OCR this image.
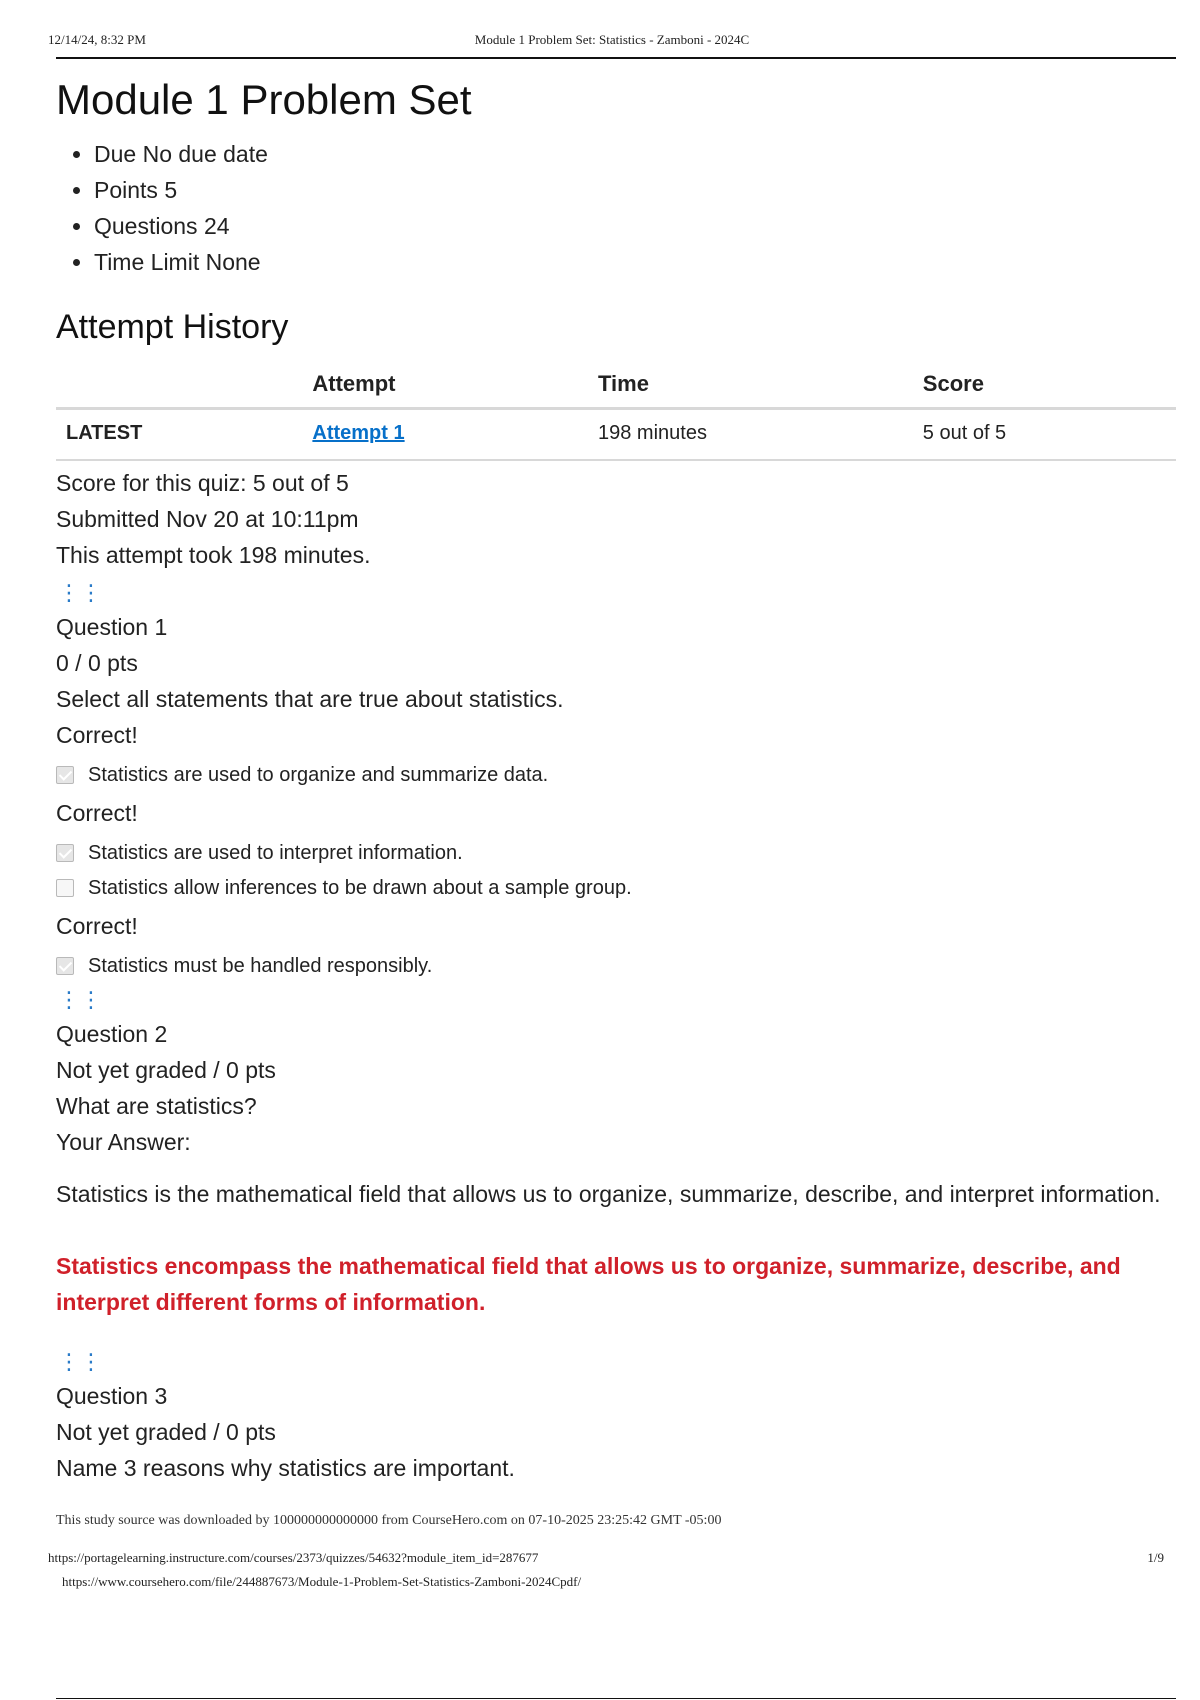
12/14/24, 8:32 PM	Module 1 Problem Set: Statistics - Zamboni - 2024C
Module 1 Problem Set
• Due No due date
• Points 5
• Questions 24
• Time Limit None
Attempt History
	Attempt	Time	Score
LATEST	Attempt 1	198 minutes	5 out of 5

Score for this quiz: 5 out of 5

Submitted Nov 20 at 10:11pm

This attempt took 198 minutes.

⋮⋮

Question 1

0 / 0 pts

Select all statements that are true about statistics.

Correct!

Statistics are used to organize and summarize data.

Correct!

Statistics are used to interpret information.
Statistics allow inferences to be drawn about a sample group.

Correct!

Statistics must be handled responsibly.
⋮⋮

Question 2

Not yet graded / 0 pts

What are statistics?

Your Answer:

Statistics is the mathematical field that allows us to organize, summarize, describe, and interpret information.

Statistics encompass the mathematical field that allows us to organize, summarize, describe, and interpret different forms of information.

⋮⋮

Question 3

Not yet graded / 0 pts

Name 3 reasons why statistics are important.

This study source was downloaded by 100000000000000 from CourseHero.com on 07-10-2025 23:25:42 GMT -05:00
https://portagelearning.instructure.com/courses/2373/quizzes/54632?module_item_id=287677	1/9
https://www.coursehero.com/file/244887673/Module-1-Problem-Set-Statistics-Zamboni-2024Cpdf/
